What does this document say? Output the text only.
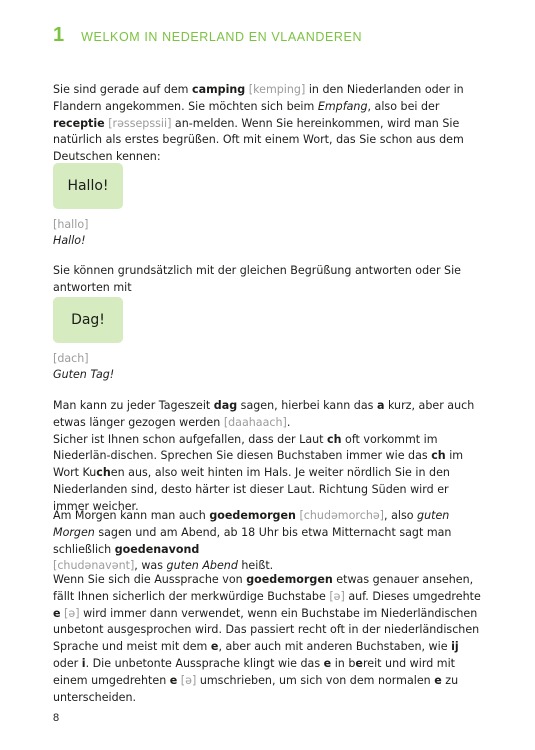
1 WELKOM IN NEDERLAND EN VLAANDEREN

Sie sind gerade auf dem camping [kemping] in den Niederlanden oder in Flandern angekommen. Sie möchten sich beim Empfang, also bei der receptie [rəssepssii] an-melden. Wenn Sie hereinkommen, wird man Sie natürlich als erstes begrüßen. Oft mit einem Wort, das Sie schon aus dem Deutschen kennen:

Hallo!

[hallo]

Hallo!

Sie können grundsätzlich mit der gleichen Begrüßung antworten oder Sie antworten mit

Dag!

[dach]

Guten Tag!

Man kann zu jeder Tageszeit dag sagen, hierbei kann das a kurz, aber auch etwas länger gezogen werden [daahaach].
Sicher ist Ihnen schon aufgefallen, dass der Laut ch oft vorkommt im Niederlän-dischen. Sprechen Sie diesen Buchstaben immer wie das ch im Wort Kuchen aus, also weit hinten im Hals. Je weiter nördlich Sie in den Niederlanden sind, desto härter ist dieser Laut. Richtung Süden wird er immer weicher.

Am Morgen kann man auch goedemorgen [chudəmorchə], also guten Morgen sagen und am Abend, ab 18 Uhr bis etwa Mitternacht sagt man schließlich goedenavond
[chudənavənt], was guten Abend heißt.

Wenn Sie sich die Aussprache von goedemorgen etwas genauer ansehen, fällt Ihnen sicherlich der merkwürdige Buchstabe [ə] auf. Dieses umgedrehte e [ə] wird immer dann verwendet, wenn ein Buchstabe im Niederländischen unbetont ausgesprochen wird. Das passiert recht oft in der niederländischen Sprache und meist mit dem e, aber auch mit anderen Buchstaben, wie ij oder i. Die unbetonte Aussprache klingt wie das e in bereit und wird mit einem umgedrehten e [ə] umschrieben, um sich von dem normalen e zu unterscheiden.

8
